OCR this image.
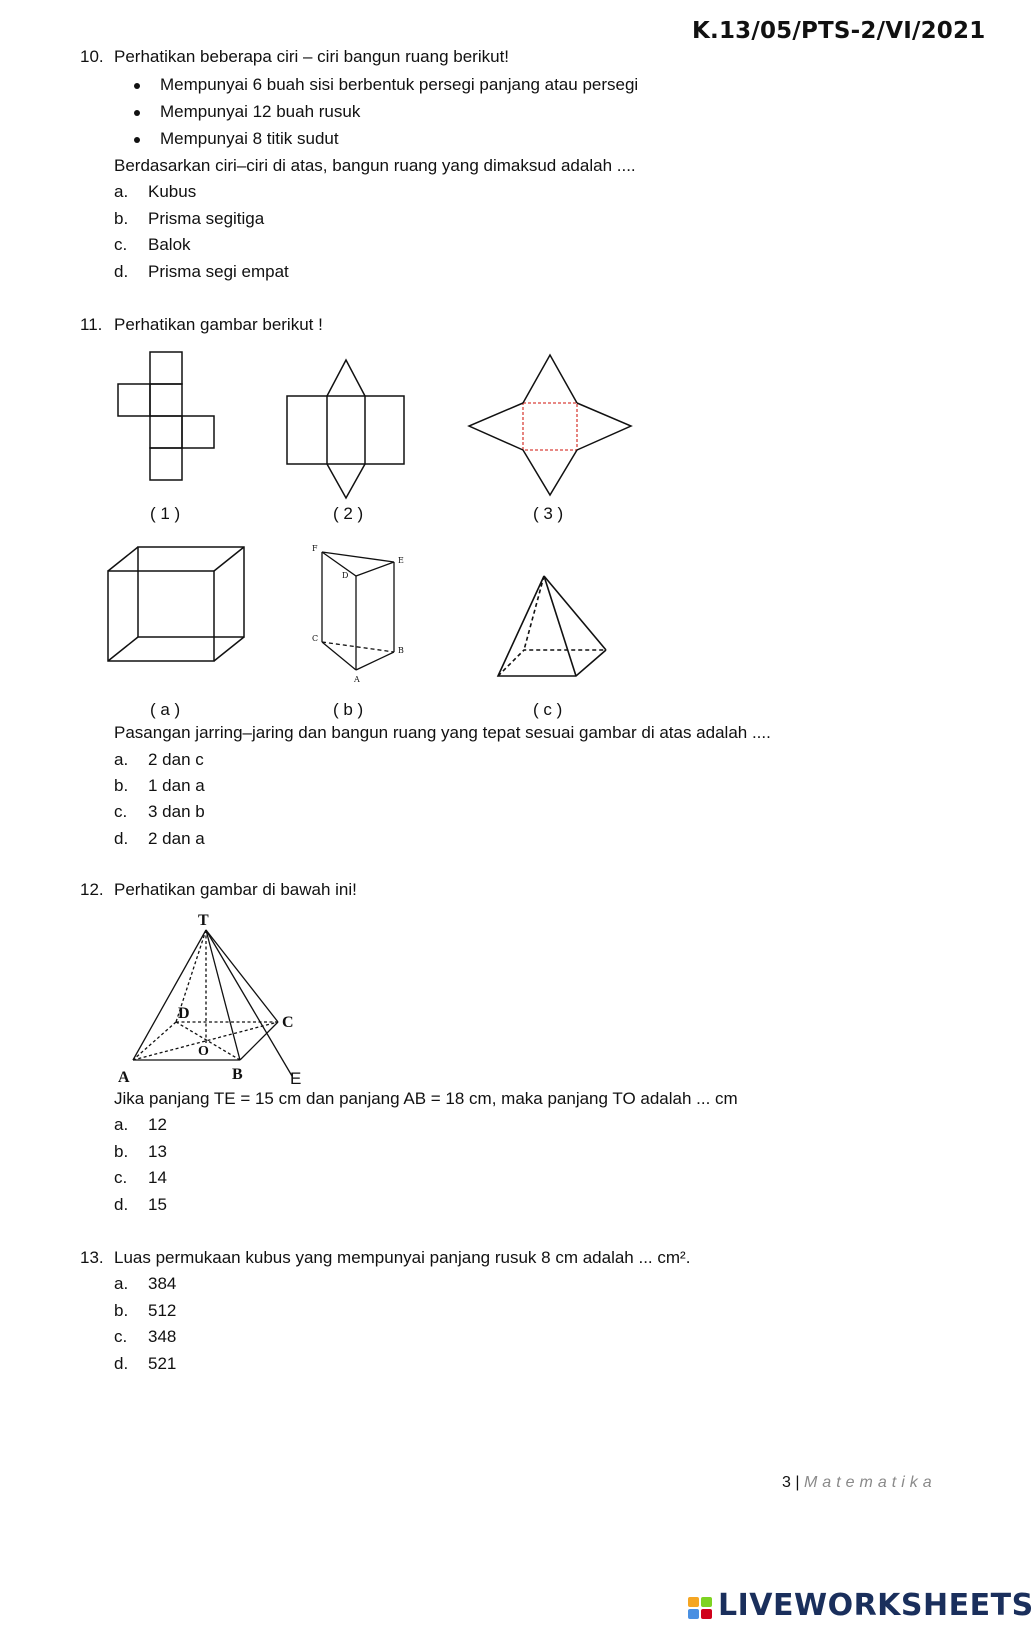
K.13/05/PTS-2/VI/2021
10. Perhatikan beberapa ciri – ciri bangun ruang berikut!
Mempunyai 6 buah sisi berbentuk persegi panjang atau persegi
Mempunyai 12 buah rusuk
Mempunyai 8 titik sudut
Berdasarkan ciri–ciri di atas, bangun ruang yang dimaksud adalah ....
a. Kubus
b. Prisma segitiga
c. Balok
d. Prisma segi empat
11. Perhatikan gambar berikut !
( 1 )	( 2 )	( 3 )
( a )
F
E
D
C
B
A
( b )	( c )
Pasangan jarring–jaring dan bangun ruang yang tepat sesuai gambar di atas adalah ....
a. 2 dan c
b. 1 dan a
c. 3 dan b
d. 2 dan a
12. Perhatikan gambar di bawah ini!
T
D
C
O
A	B	E
Jika panjang TE = 15 cm dan panjang AB = 18 cm, maka panjang TO adalah ... cm
a. 12
b. 13
c. 14
d. 15
13. Luas permukaan kubus yang mempunyai panjang rusuk 8 cm adalah ... cm².
a. 384
b. 512
c. 348
d. 521
3 | Matematika
LIVEWORKSHEETS
